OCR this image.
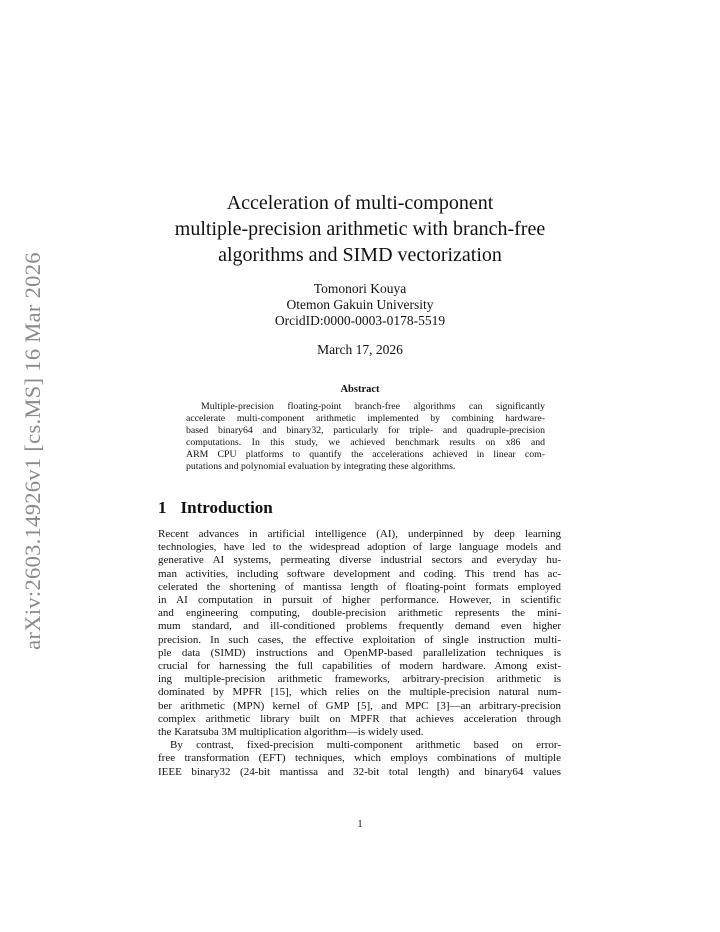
arXiv:2603.14926v1 [cs.MS] 16 Mar 2026
Acceleration of multi-component
multiple-precision arithmetic with branch-free
algorithms and SIMD vectorization
Tomonori Kouya
Otemon Gakuin University
OrcidID:0000-0003-0178-5519
March 17, 2026
Abstract
Multiple-precision floating-point branch-free algorithms can significantly
accelerate multi-component arithmetic implemented by combining hardware-
based binary64 and binary32, particularly for triple- and quadruple-precision
computations. In this study, we achieved benchmark results on x86 and
ARM CPU platforms to quantify the accelerations achieved in linear com-
putations and polynomial evaluation by integrating these algorithms.
1 Introduction
Recent advances in artificial intelligence (AI), underpinned by deep learning
technologies, have led to the widespread adoption of large language models and
generative AI systems, permeating diverse industrial sectors and everyday hu-
man activities, including software development and coding. This trend has ac-
celerated the shortening of mantissa length of floating-point formats employed
in AI computation in pursuit of higher performance. However, in scientific
and engineering computing, double-precision arithmetic represents the mini-
mum standard, and ill-conditioned problems frequently demand even higher
precision. In such cases, the effective exploitation of single instruction multi-
ple data (SIMD) instructions and OpenMP-based parallelization techniques is
crucial for harnessing the full capabilities of modern hardware. Among exist-
ing multiple-precision arithmetic frameworks, arbitrary-precision arithmetic is
dominated by MPFR [15], which relies on the multiple-precision natural num-
ber arithmetic (MPN) kernel of GMP [5], and MPC [3]—an arbitrary-precision
complex arithmetic library built on MPFR that achieves acceleration through
the Karatsuba 3M multiplication algorithm—is widely used.
By contrast, fixed-precision multi-component arithmetic based on error-
free transformation (EFT) techniques, which employs combinations of multiple
IEEE binary32 (24-bit mantissa and 32-bit total length) and binary64 values
1
